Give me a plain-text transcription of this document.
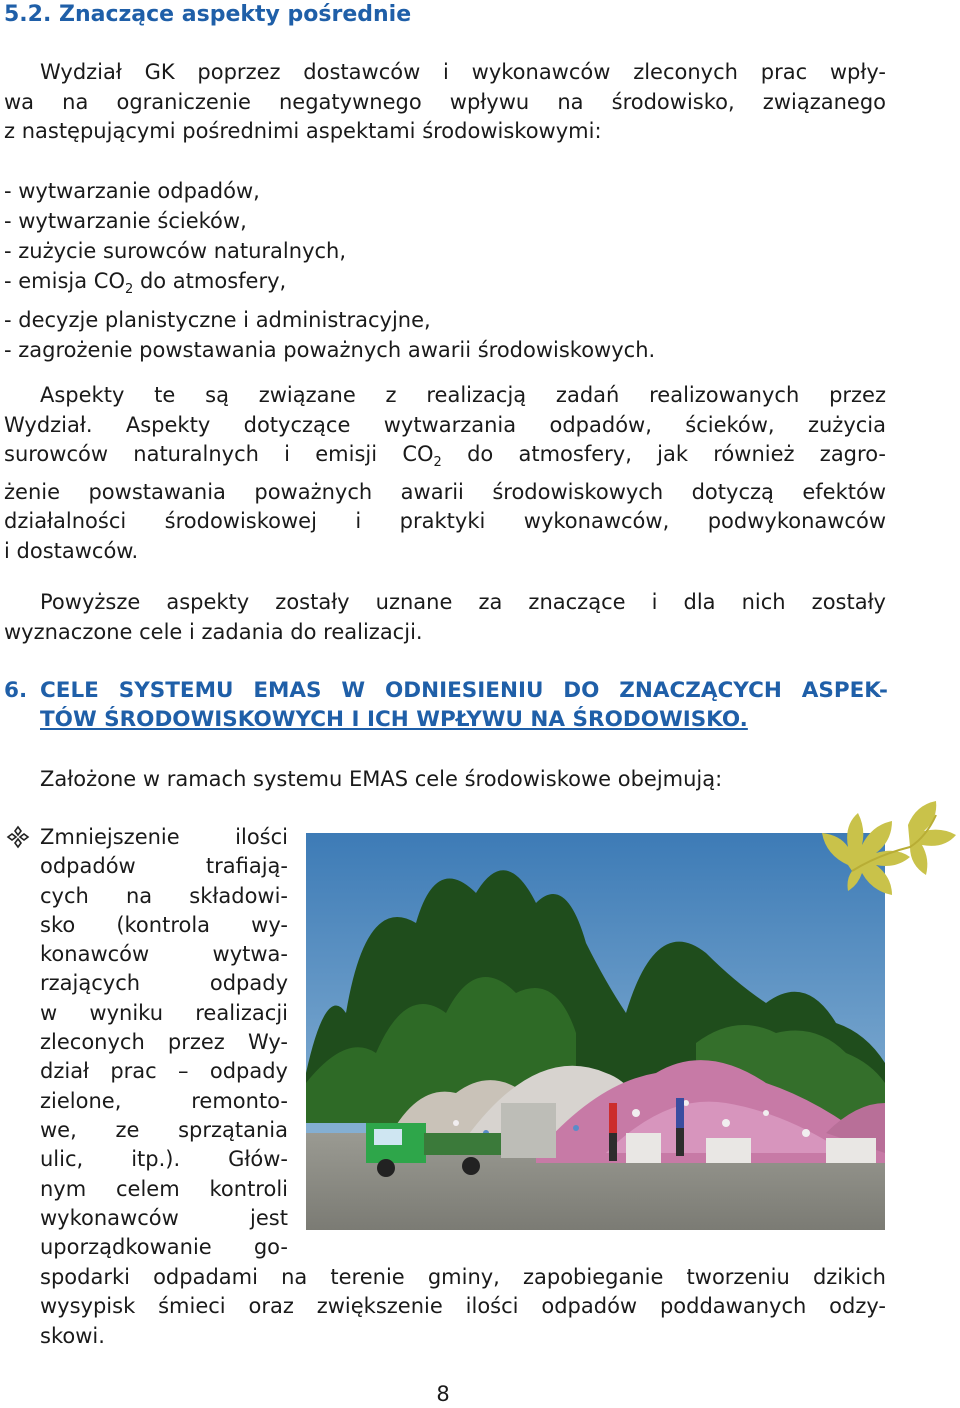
5.2. Znaczące aspekty pośrednie
Wydział GK poprzez dostawców i wykonawców zleconych prac wpły-
wa na ograniczenie negatywnego wpływu na środowisko, związanego
z następującymi pośrednimi aspektami środowiskowymi:
- wytwarzanie odpadów,
- wytwarzanie ścieków,
- zużycie surowców naturalnych,
- emisja $CO_2$ do atmosfery,
- decyzje planistyczne i administracyjne,
- zagrożenie powstawania poważnych awarii środowiskowych.
Aspekty te są związane z realizacją zadań realizowanych przez
Wydział. Aspekty dotyczące wytwarzania odpadów, ścieków, zużycia
surowców naturalnych i emisji $CO_2$ do atmosfery, jak również zagro-
żenie powstawania poważnych awarii środowiskowych dotyczą efektów
działalności środowiskowej i praktyki wykonawców, podwykonawców
i dostawców.
Powyższe aspekty zostały uznane za znaczące i dla nich zostały
wyznaczone cele i zadania do realizacji.
6. CELE SYSTEMU EMAS W ODNIESIENIU DO ZNACZĄCYCH ASPEK-
TÓW ŚRODOWISKOWYCH I ICH WPŁYWU NA ŚRODOWISKO.
Założone w ramach systemu EMAS cele środowiskowe obejmują:
Zmniejszenie ilości
odpadów trafiają-
cych na składowi-
sko (kontrola wy-
konawców wytwa-
rzających odpady
w wyniku realizacji
zleconych przez Wy-
dział prac – odpady
zielone, remonto-
we, ze sprzątania
ulic, itp.). Głów-
nym celem kontroli
wykonawców jest
uporządkowanie go-
spodarki odpadami na terenie gminy, zapobieganie tworzeniu dzikich
wysypisk śmieci oraz zwiększenie ilości odpadów poddawanych odzy-
skowi.
8
